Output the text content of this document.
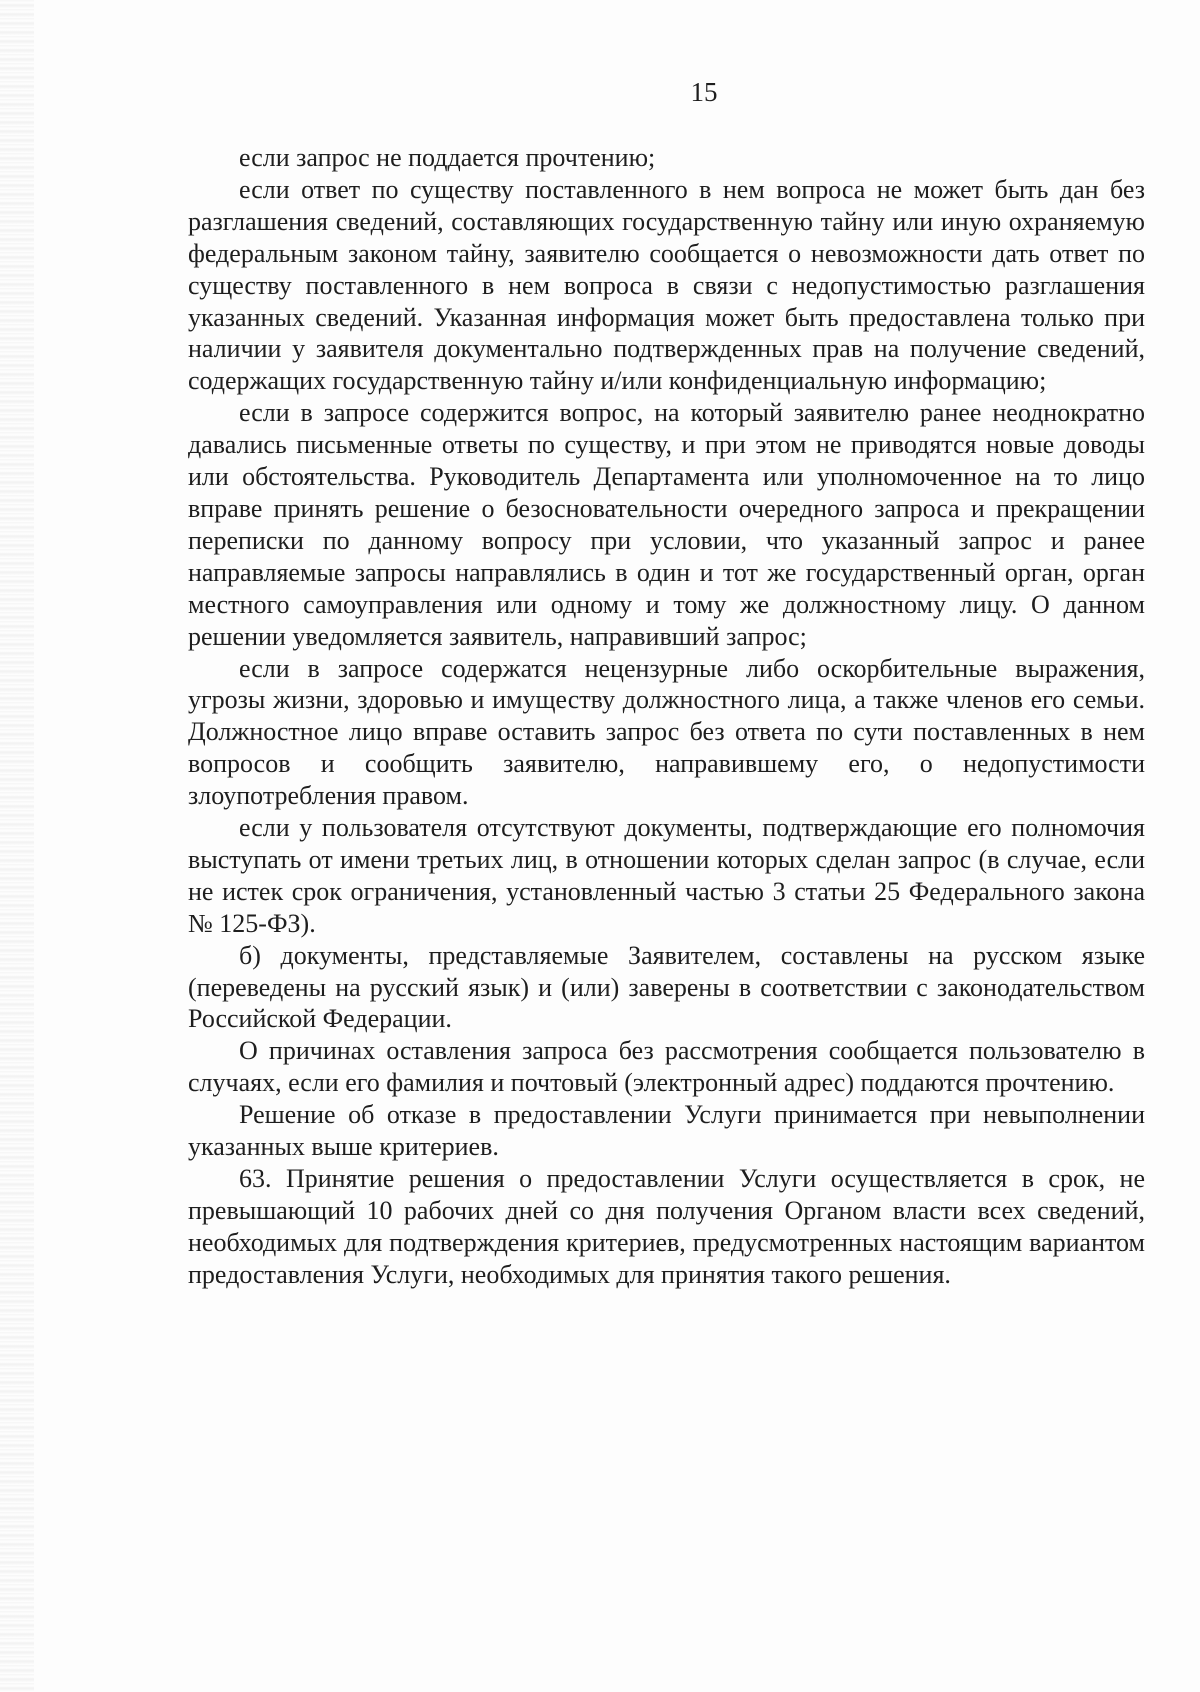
15

если запрос не поддается прочтению;

если ответ по существу поставленного в нем вопроса не может быть дан без разглашения сведений, составляющих государственную тайну или иную охраняемую федеральным законом тайну, заявителю сообщается о невозможности дать ответ по существу поставленного в нем вопроса в связи с недопустимостью разглашения указанных сведений. Указанная информация может быть предоставлена только при наличии у заявителя документально подтвержденных прав на получение сведений, содержащих государственную тайну и/или конфиденциальную информацию;

если в запросе содержится вопрос, на который заявителю ранее неоднократно давались письменные ответы по существу, и при этом не приводятся новые доводы или обстоятельства. Руководитель Департамента или уполномоченное на то лицо вправе принять решение о безосновательности очередного запроса и прекращении переписки по данному вопросу при условии, что указанный запрос и ранее направляемые запросы направлялись в один и тот же государственный орган, орган местного самоуправления или одному и тому же должностному лицу. О данном решении уведомляется заявитель, направивший запрос;

если в запросе содержатся нецензурные либо оскорбительные выражения, угрозы жизни, здоровью и имуществу должностного лица, а также членов его семьи. Должностное лицо вправе оставить запрос без ответа по сути поставленных в нем вопросов и сообщить заявителю, направившему его, о недопустимости злоупотребления правом.

если у пользователя отсутствуют документы, подтверждающие его полномочия выступать от имени третьих лиц, в отношении которых сделан запрос (в случае, если не истек срок ограничения, установленный частью 3 статьи 25 Федерального закона № 125-ФЗ).

б) документы, представляемые Заявителем, составлены на русском языке (переведены на русский язык) и (или) заверены в соответствии с законодательством Российской Федерации.

О причинах оставления запроса без рассмотрения сообщается пользователю в случаях, если его фамилия и почтовый (электронный адрес) поддаются прочтению.

Решение об отказе в предоставлении Услуги принимается при невыполнении указанных выше критериев.

63. Принятие решения о предоставлении Услуги осуществляется в срок, не превышающий 10 рабочих дней со дня получения Органом власти всех сведений, необходимых для подтверждения критериев, предусмотренных настоящим вариантом предоставления Услуги, необходимых для принятия такого решения.
